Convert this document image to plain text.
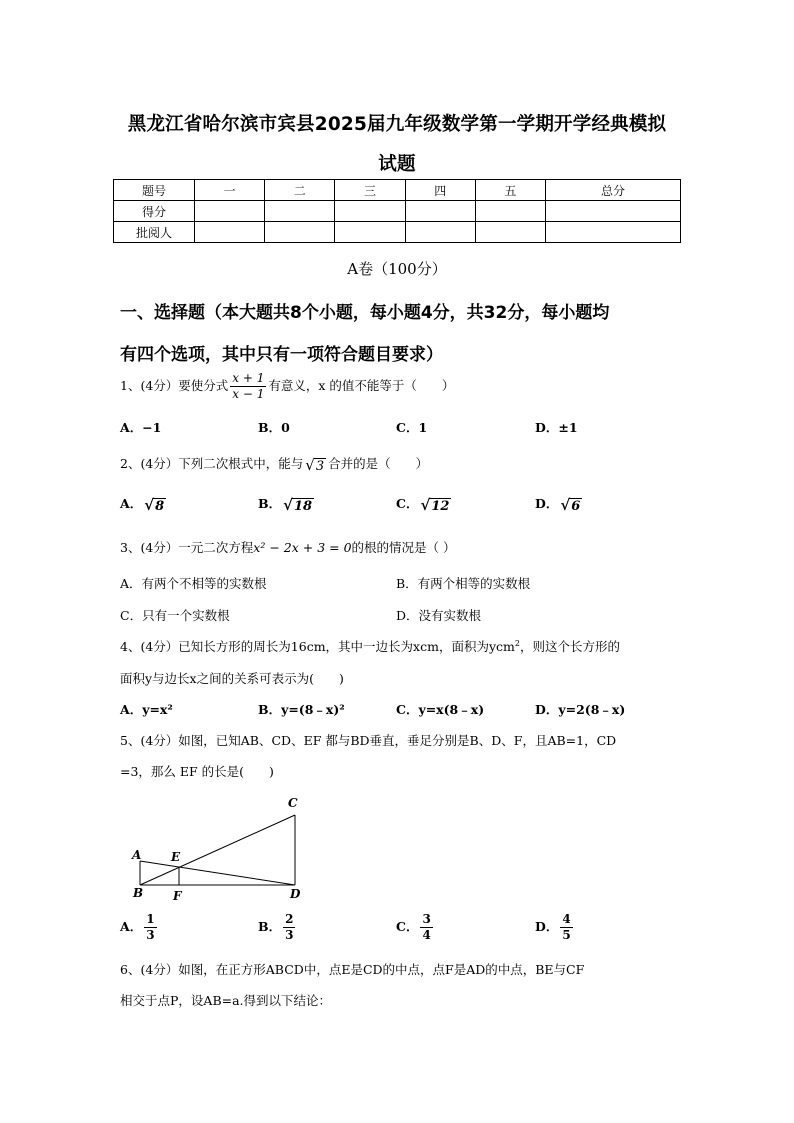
黑龙江省哈尔滨市宾县2025届九年级数学第一学期开学经典模拟
试题
题号	一	二	三	四	五	总分
得分						
批阅人						
A卷（100分）
一、选择题（本大题共8个小题，每小题4分，共32分，每小题均
有四个选项，其中只有一项符合题目要求）
1、(4分）要使分式 $\frac{x + 1}{x - 1}$ 有意义，x 的值不能等于（　　）
A．−1	B．0	C．1	D．±1
2、(4分）下列二次根式中，能与 √3 合并的是（　　）
A． √8	B． √18	C． √12	D． √6
3、(4分）一元二次方程x² − 2x + 3 = 0的根的情况是（ ）
A．有两个不相等的实数根	B．有两个相等的实数根
C．只有一个实数根	D．没有实数根
4、(4分）已知长方形的周长为16cm，其中一边长为xcm，面积为ycm$^2$，则这个长方形的
面积y与边长x之间的关系可表示为(　　)
A．y=x²	B．y=(8﹣x)²	C．y=x(8﹣x)	D．y=2(8﹣x)
5、(4分）如图，已知AB、CD、EF 都与BD垂直，垂足分别是B、D、F，且AB=1，CD
=3，那么 EF 的长是(　　)
A
B
C
D
E
F
A． $\frac{1}{3}$	B． $\frac{2}{3}$	C． $\frac{3}{4}$	D． $\frac{4}{5}$
6、(4分）如图，在正方形ABCD中，点E是CD的中点，点F是AD的中点，BE与CF
相交于点P，设AB=a.得到以下结论：
